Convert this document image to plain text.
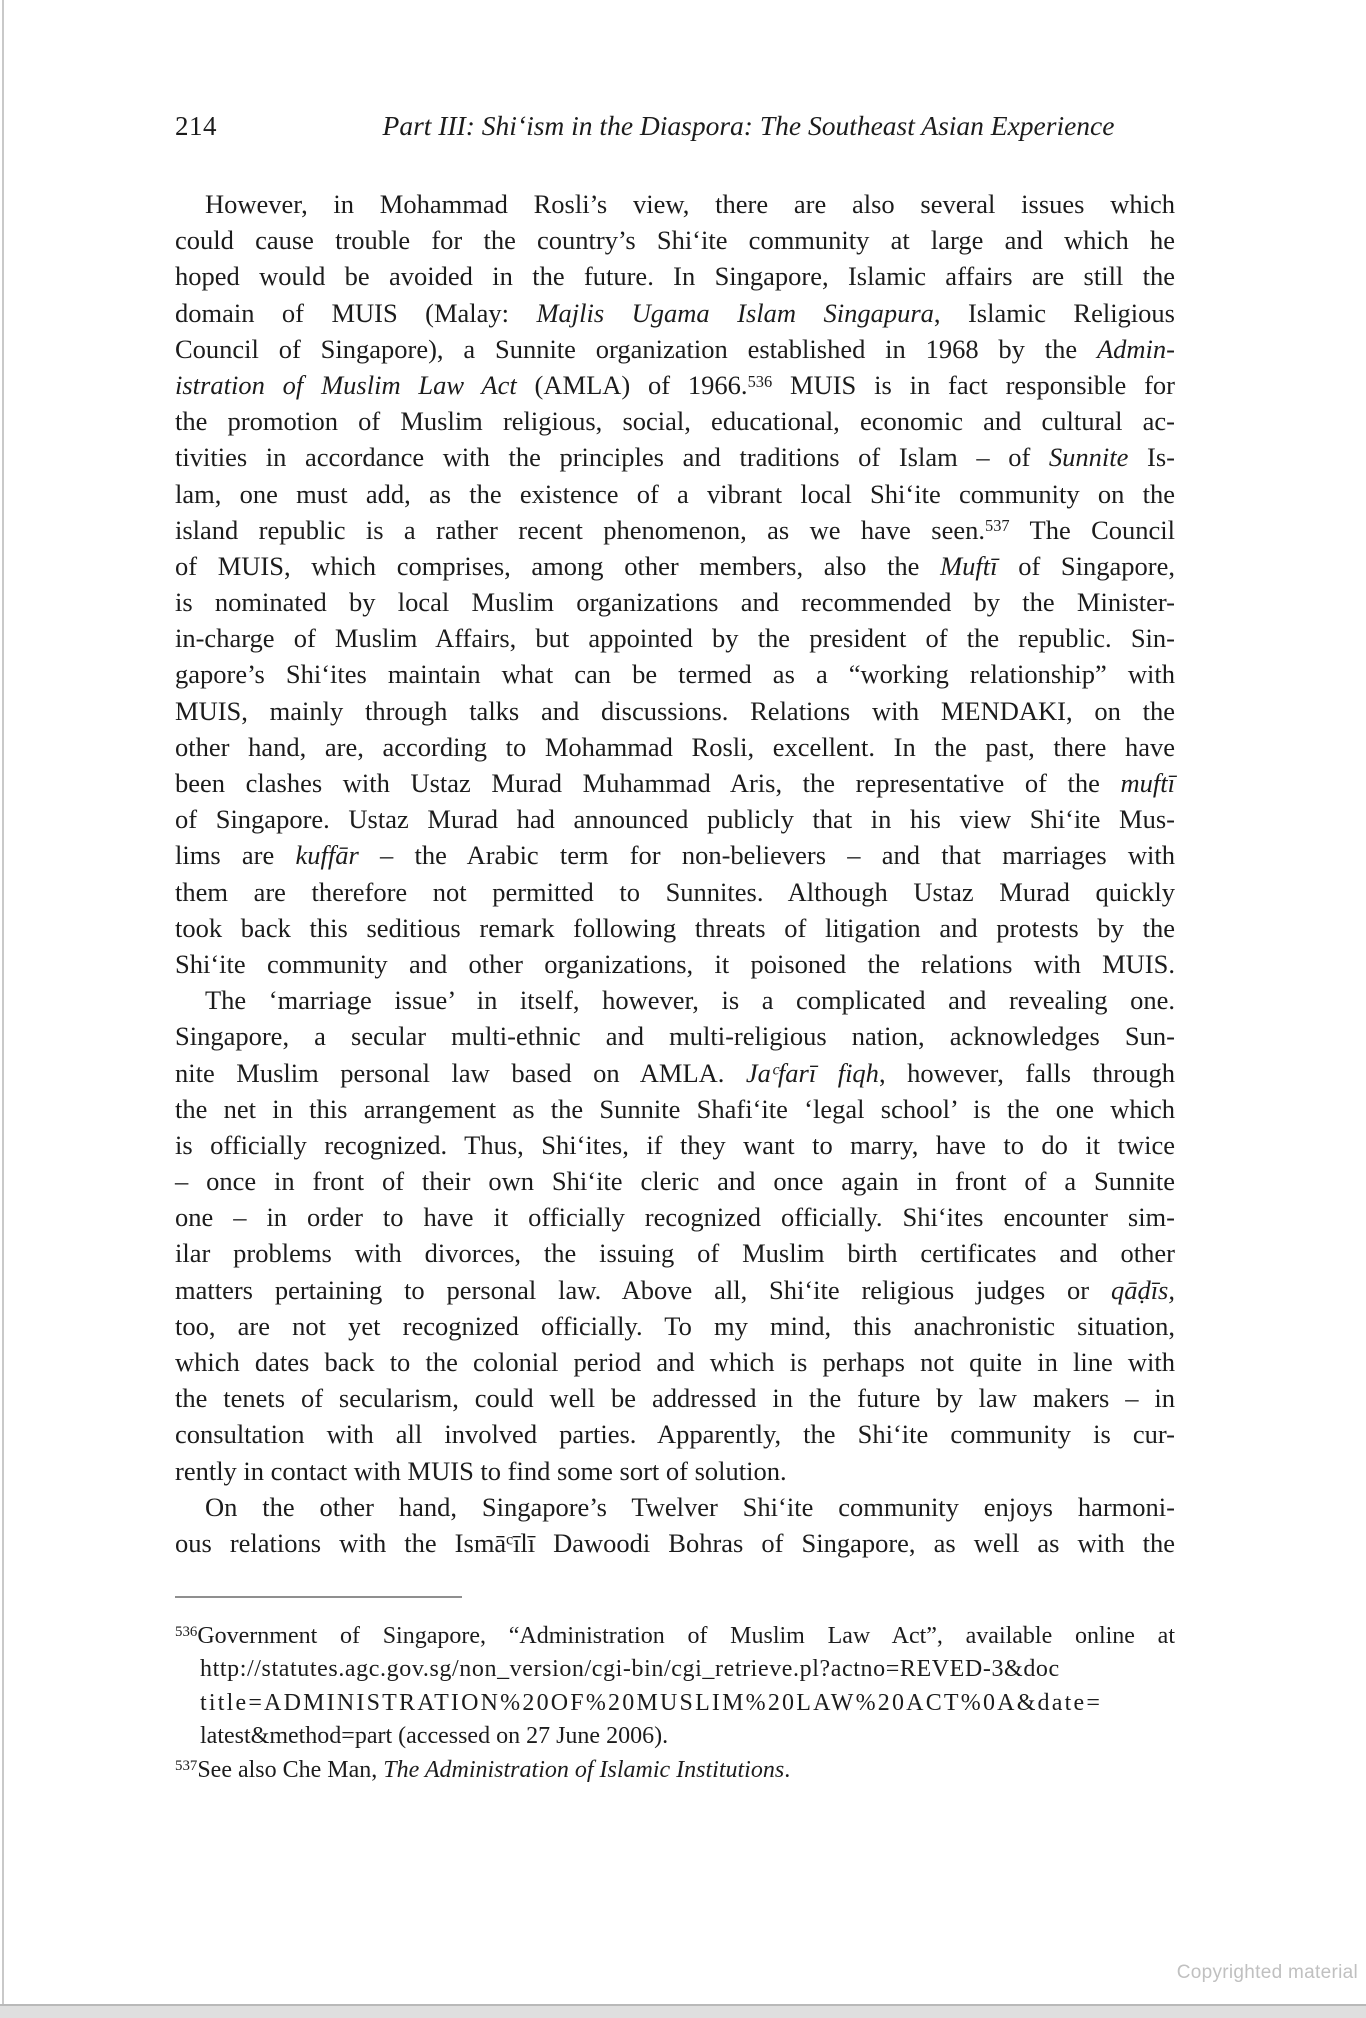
214	Part III: Shi‘ism in the Diaspora: The Southeast Asian Experience
However, in Mohammad Rosli’s view, there are also several issues which
could cause trouble for the country’s Shi‘ite community at large and which he
hoped would be avoided in the future. In Singapore, Islamic affairs are still the
domain of MUIS (Malay: Majlis Ugama Islam Singapura, Islamic Religious
Council of Singapore), a Sunnite organization established in 1968 by the Admin-
istration of Muslim Law Act (AMLA) of 1966.$^{536}$ MUIS is in fact responsible for
the promotion of Muslim religious, social, educational, economic and cultural ac-
tivities in accordance with the principles and traditions of Islam – of Sunnite Is-
lam, one must add, as the existence of a vibrant local Shi‘ite community on the
island republic is a rather recent phenomenon, as we have seen.$^{537}$ The Council
of MUIS, which comprises, among other members, also the Muftī of Singapore,
is nominated by local Muslim organizations and recommended by the Minister-
in-charge of Muslim Affairs, but appointed by the president of the republic. Sin-
gapore’s Shi‘ites maintain what can be termed as a “working relationship” with
MUIS, mainly through talks and discussions. Relations with MENDAKI, on the
other hand, are, according to Mohammad Rosli, excellent. In the past, there have
been clashes with Ustaz Murad Muhammad Aris, the representative of the muftī
of Singapore. Ustaz Murad had announced publicly that in his view Shi‘ite Mus-
lims are kuffār – the Arabic term for non-believers – and that marriages with
them are therefore not permitted to Sunnites. Although Ustaz Murad quickly
took back this seditious remark following threats of litigation and protests by the
Shi‘ite community and other organizations, it poisoned the relations with MUIS.
The ‘marriage issue’ in itself, however, is a complicated and revealing one.
Singapore, a secular multi-ethnic and multi-religious nation, acknowledges Sun-
nite Muslim personal law based on AMLA. Jaᶜfarī fiqh, however, falls through
the net in this arrangement as the Sunnite Shafi‘ite ‘legal school’ is the one which
is officially recognized. Thus, Shi‘ites, if they want to marry, have to do it twice
– once in front of their own Shi‘ite cleric and once again in front of a Sunnite
one – in order to have it officially recognized officially. Shi‘ites encounter sim-
ilar problems with divorces, the issuing of Muslim birth certificates and other
matters pertaining to personal law. Above all, Shi‘ite religious judges or qāḍīs,
too, are not yet recognized officially. To my mind, this anachronistic situation,
which dates back to the colonial period and which is perhaps not quite in line with
the tenets of secularism, could well be addressed in the future by law makers – in
consultation with all involved parties. Apparently, the Shi‘ite community is cur-
rently in contact with MUIS to find some sort of solution.
On the other hand, Singapore’s Twelver Shi‘ite community enjoys harmoni-
ous relations with the Ismāᶜīlī Dawoodi Bohras of Singapore, as well as with the
$^{536}$Government of Singapore, “Administration of Muslim Law Act”, available online at
http://statutes.agc.gov.sg/non_version/cgi-bin/cgi_retrieve.pl?actno=REVED-3&doc
title=ADMINISTRATION%20OF%20MUSLIM%20LAW%20ACT%0A&date=
latest&method=part (accessed on 27 June 2006).
$^{537}$See also Che Man, The Administration of Islamic Institutions.
Copyrighted material
